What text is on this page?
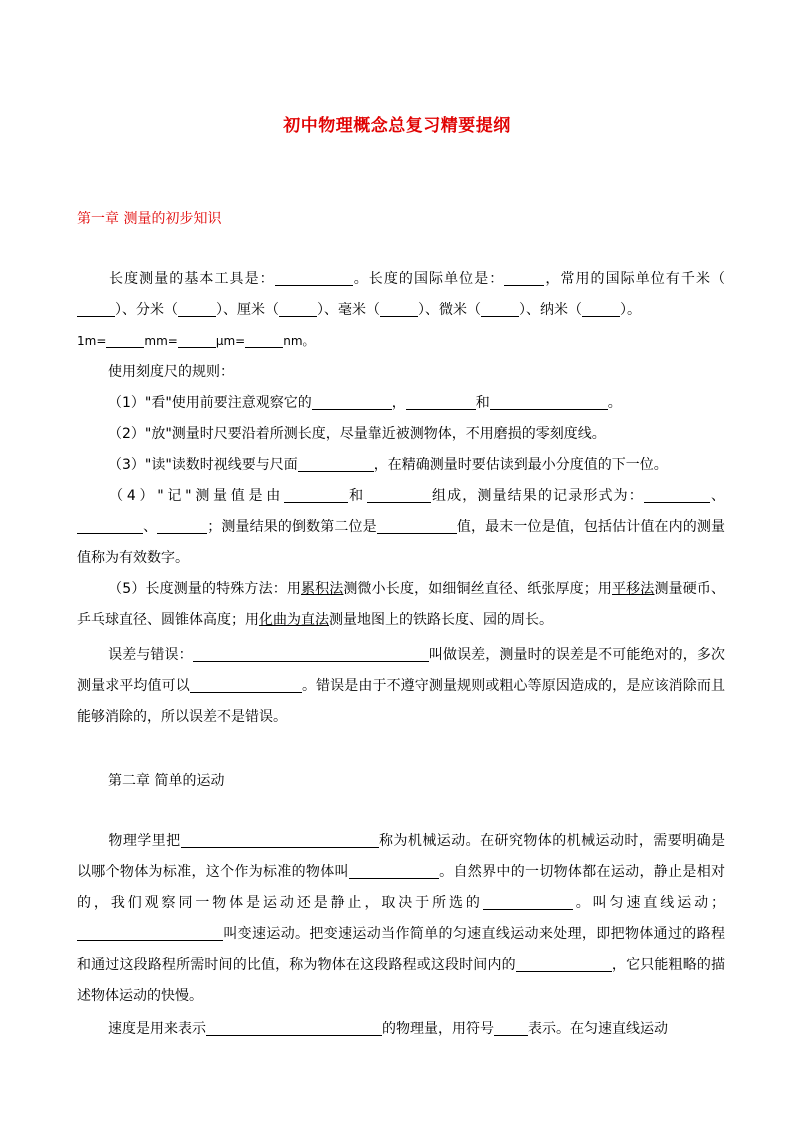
初中物理概念总复习精要提纲
第一章 测量的初步知识
长度测量的基本工具是：	。长度的国际单位是：	，常用的国际单位有千米（）、分米（	）、厘米（	）、毫米（	）、微米（	）、纳米（	）。
1m=	mm=	μm=	nm。
使用刻度尺的规则：
（1）"看"使用前要注意观察它的	，	和	。
（2）"放"测量时尺要沿着所测长度，尽量靠近被测物体，不用磨损的零刻度线。
（3）"读"读数时视线要与尺面	，在精确测量时要估读到最小分度值的下一位。
（4）"记"测量值是由	和	组成，测量结果的记录形式为：	、、	；测量结果的倒数第二位是	值，最末一位是值，包括估计值在内的测量值称为有效数字。
（5）长度测量的特殊方法：用累积法测微小长度，如细铜丝直径、纸张厚度；用平移法测量硬币、乒乓球直径、圆锥体高度；用化曲为直法测量地图上的铁路长度、园的周长。
误差与错误：	叫做误差，测量时的误差是不可能绝对的，多次测量求平均值可以	。错误是由于不遵守测量规则或粗心等原因造成的，是应该消除而且能够消除的，所以误差不是错误。
第二章 简单的运动
物理学里把	称为机械运动。在研究物体的机械运动时，需要明确是以哪个物体为标准，这个作为标准的物体叫	。自然界中的一切物体都在运动，静止是相对的，我们观察同一物体是运动还是静止，取决于所选的	。叫匀速直线运动；叫变速运动。把变速运动当作简单的匀速直线运动来处理，即把物体通过的路程和通过这段路程所需时间的比值，称为物体在这段路程或这段时间内的	，它只能粗略的描述物体运动的快慢。
速度是用来表示	的物理量，用符号 表示。在匀速直线运动
